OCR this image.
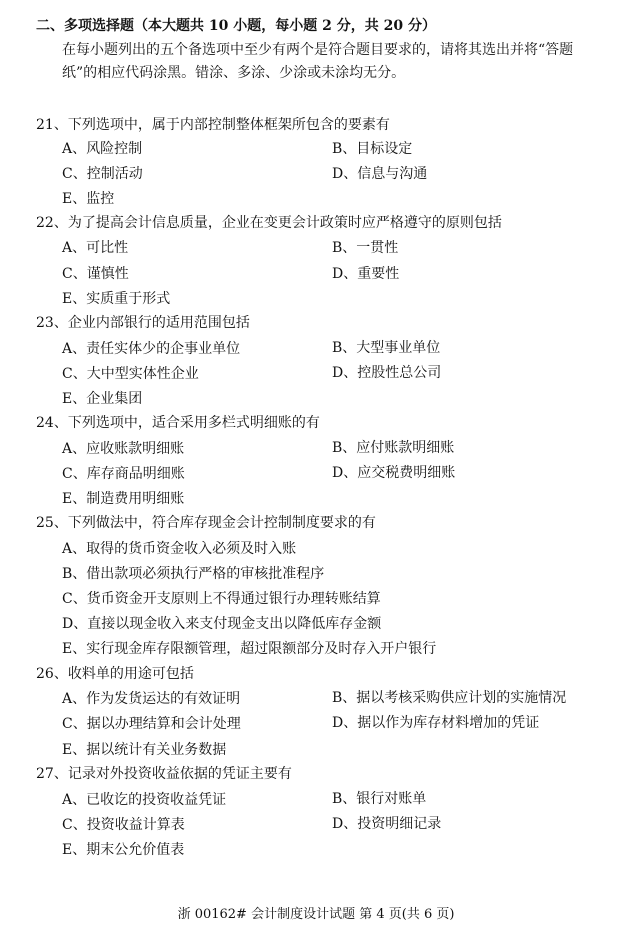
二、多项选择题（本大题共 10 小题，每小题 2 分，共 20 分）
在每小题列出的五个备选项中至少有两个是符合题目要求的，请将其选出并将“答题
纸”的相应代码涂黑。错涂、多涂、少涂或未涂均无分。
21、下列选项中，属于内部控制整体框架所包含的要素有
A、风险控制	B、目标设定
C、控制活动	D、信息与沟通
E、监控
22、为了提高会计信息质量，企业在变更会计政策时应严格遵守的原则包括
A、可比性	B、一贯性
C、谨慎性	D、重要性
E、实质重于形式
23、企业内部银行的适用范围包括
A、责任实体少的企事业单位	B、大型事业单位
C、大中型实体性企业	D、控股性总公司
E、企业集团
24、下列选项中，适合采用多栏式明细账的有
A、应收账款明细账	B、应付账款明细账
C、库存商品明细账	D、应交税费明细账
E、制造费用明细账
25、下列做法中，符合库存现金会计控制制度要求的有
A、取得的货币资金收入必须及时入账
B、借出款项必须执行严格的审核批准程序
C、货币资金开支原则上不得通过银行办理转账结算
D、直接以现金收入来支付现金支出以降低库存金额
E、实行现金库存限额管理，超过限额部分及时存入开户银行
26、收料单的用途可包括
A、作为发货运达的有效证明	B、据以考核采购供应计划的实施情况
C、据以办理结算和会计处理	D、据以作为库存材料增加的凭证
E、据以统计有关业务数据
27、记录对外投资收益依据的凭证主要有
A、已收讫的投资收益凭证	B、银行对账单
C、投资收益计算表	D、投资明细记录
E、期末公允价值表
浙 00162# 会计制度设计试题 第 4 页(共 6 页)
